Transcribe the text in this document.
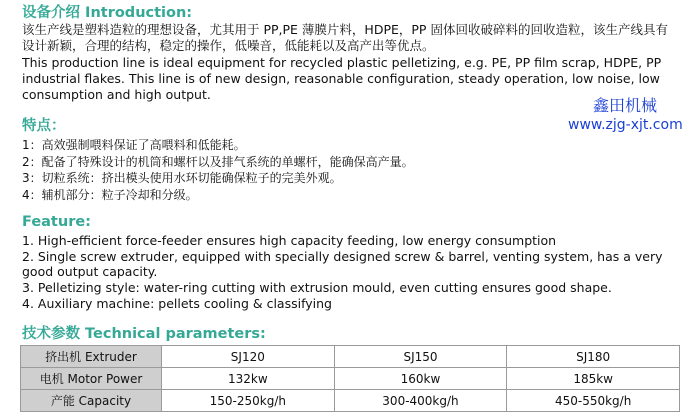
设备介绍 Introduction:
该生产线是塑料造粒的理想设备，尤其用于 PP,PE 薄膜片料，HDPE，PP 固体回收破碎料的回收造粒，该生产线具有
设计新颖，合理的结构，稳定的操作，低噪音，低能耗以及高产出等优点。
This production line is ideal equipment for recycled plastic pelletizing, e.g. PE, PP film scrap, HDPE, PP
industrial flakes. This line is of new design, reasonable configuration, steady operation, low noise, low
consumption and high output.
鑫田机械
www.zjg-xjt.com
特点：
1：高效强制喂料保证了高喂料和低能耗。
2：配备了特殊设计的机筒和螺杆以及排气系统的单螺杆，能确保高产量。
3：切粒系统：挤出模头使用水环切能确保粒子的完美外观。
4：辅机部分：粒子冷却和分级。
Feature:
1. High-efficient force-feeder ensures high capacity feeding, low energy consumption
2. Single screw extruder, equipped with specially designed screw & barrel, venting system, has a very good output capacity.
3. Pelletizing style: water-ring cutting with extrusion mould, even cutting ensures good shape.
4. Auxiliary machine: pellets cooling & classifying
技术参数 Technical parameters:
挤出机 Extruder	SJ120	SJ150	SJ180
电机 Motor Power	132kw	160kw	185kw
产能 Capacity	150-250kg/h	300-400kg/h	450-550kg/h
